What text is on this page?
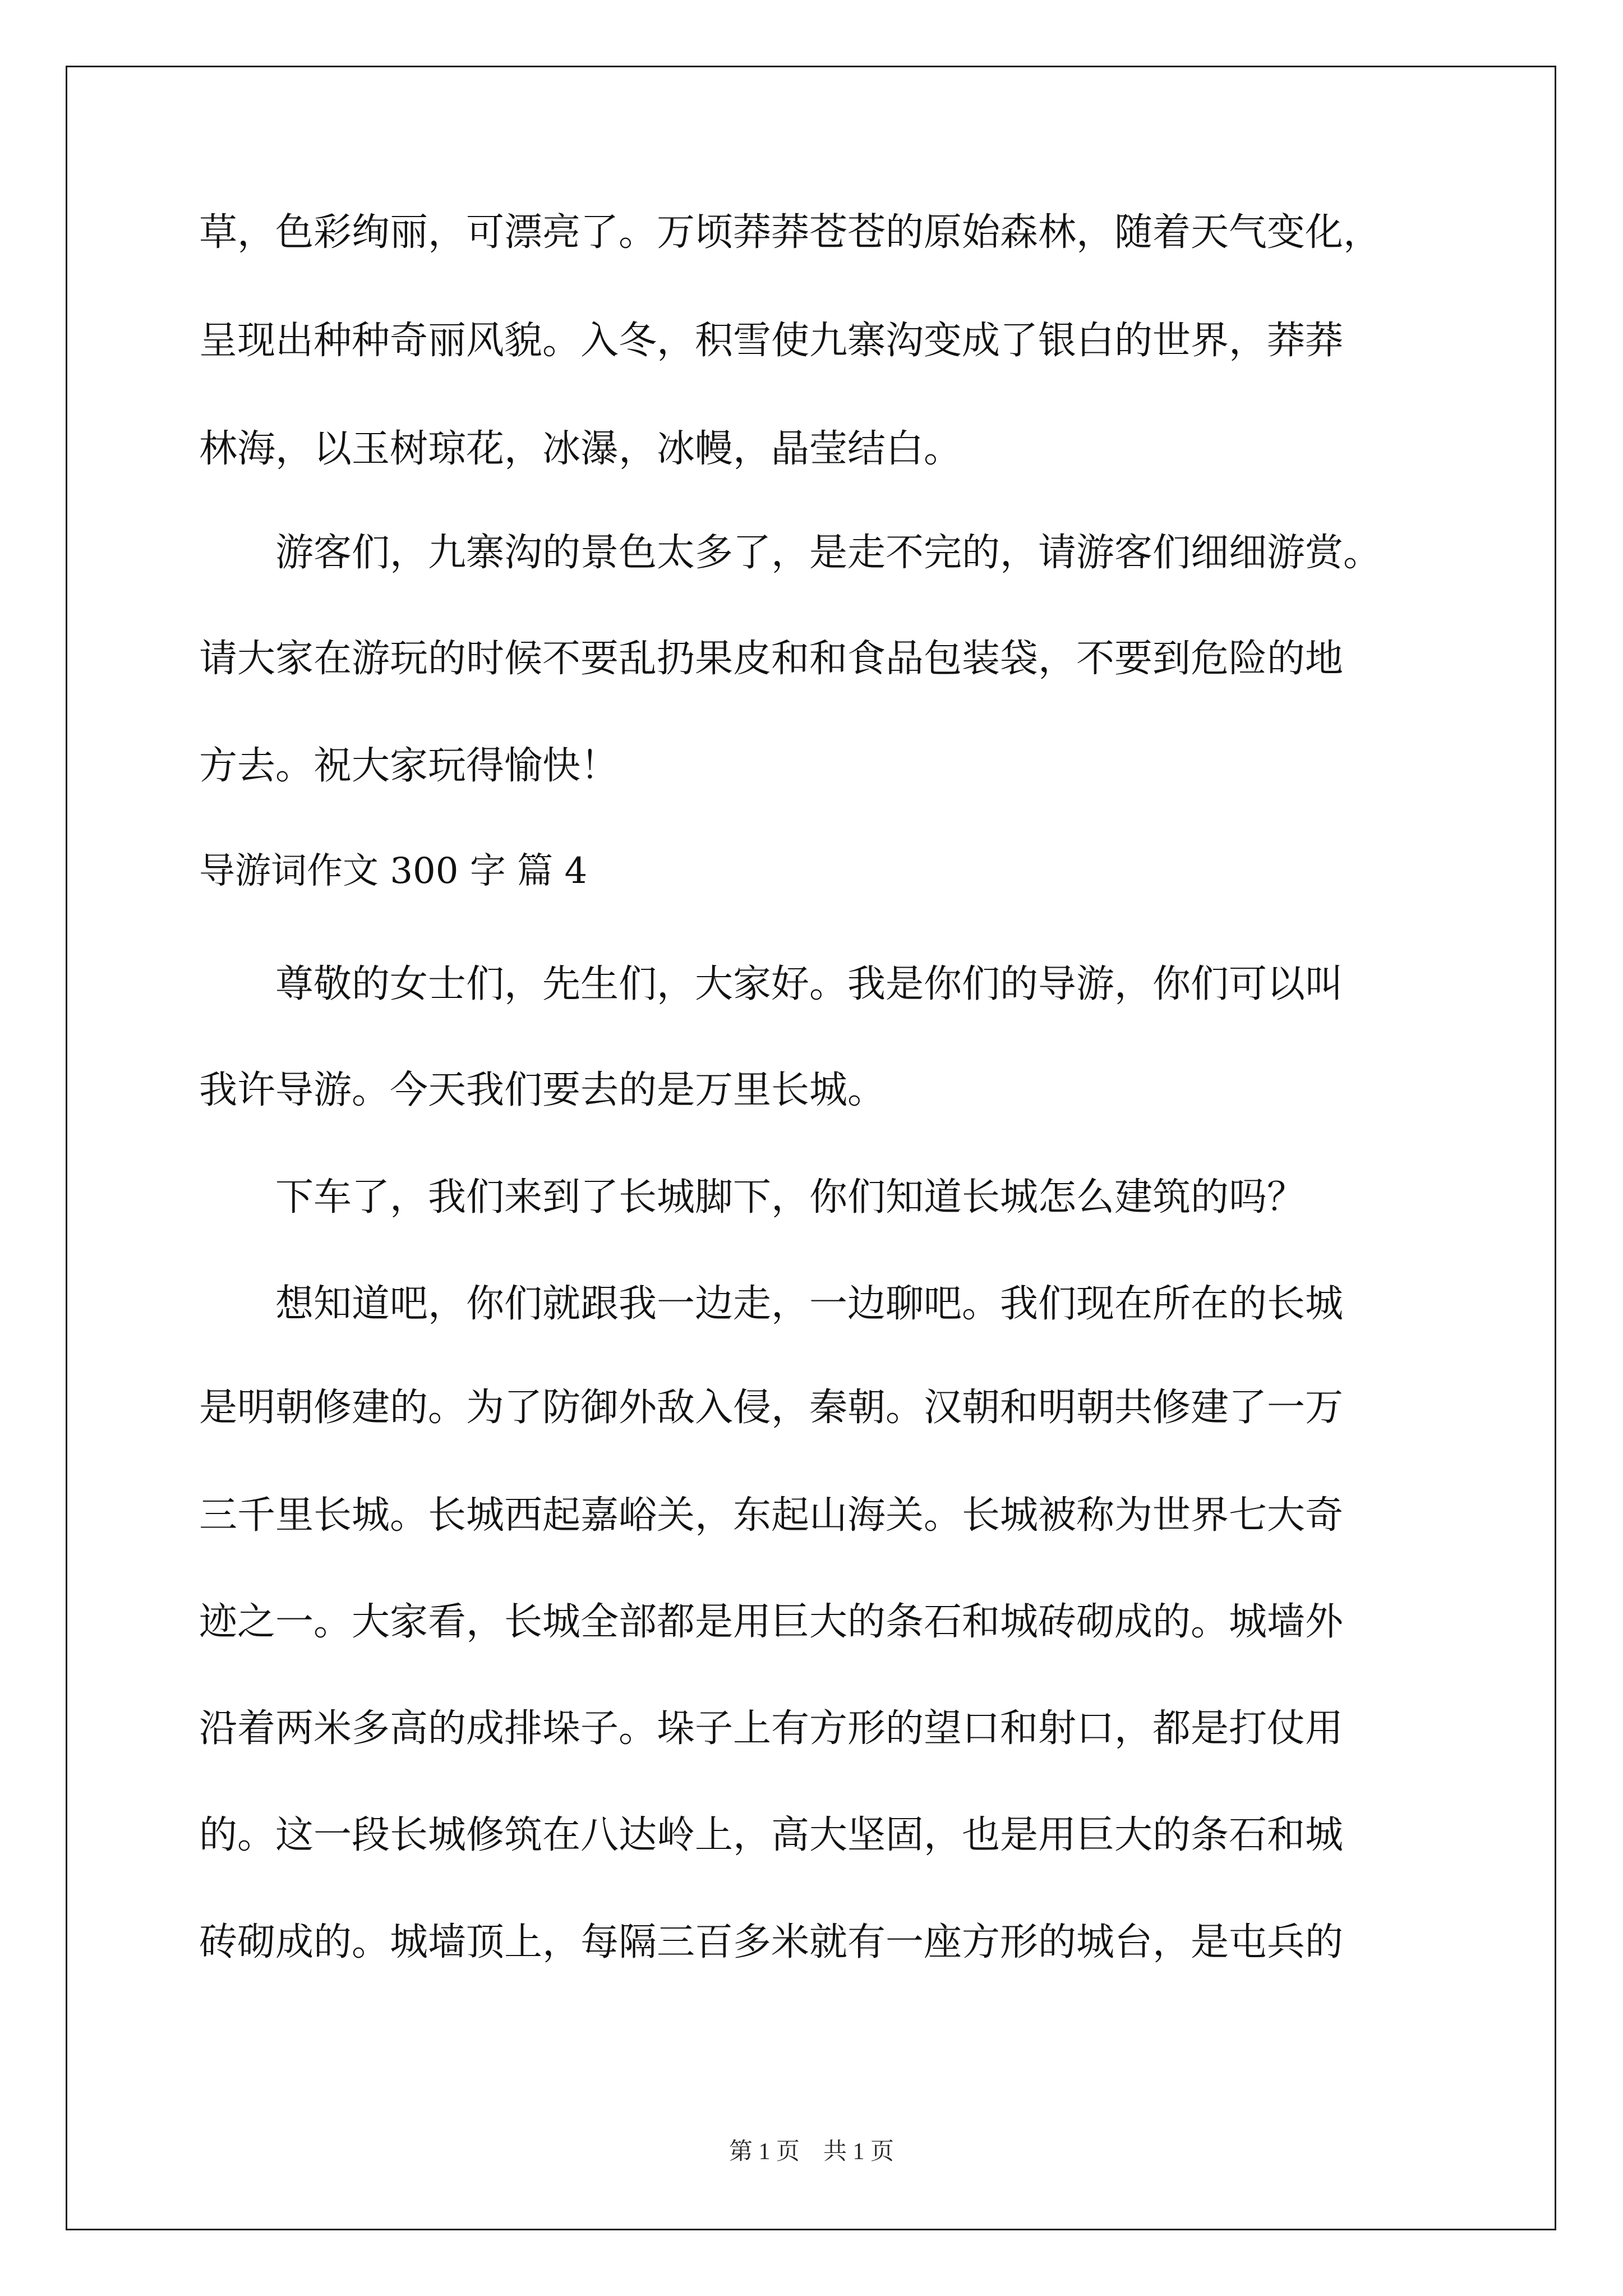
草，色彩绚丽，可漂亮了。万顷莽莽苍苍的原始森林，随着天气变化，
呈现出种种奇丽风貌。入冬，积雪使九寨沟变成了银白的世界，莽莽
林海，以玉树琼花，冰瀑，冰幔，晶莹结白。
游客们，九寨沟的景色太多了，是走不完的，请游客们细细游赏。
请大家在游玩的时候不要乱扔果皮和和食品包装袋，不要到危险的地
方去。祝大家玩得愉快！
导游词作文 300 字 篇 4
尊敬的女士们，先生们，大家好。我是你们的导游，你们可以叫
我许导游。今天我们要去的是万里长城。
下车了，我们来到了长城脚下，你们知道长城怎么建筑的吗？
想知道吧，你们就跟我一边走，一边聊吧。我们现在所在的长城
是明朝修建的。为了防御外敌入侵，秦朝。汉朝和明朝共修建了一万
三千里长城。长城西起嘉峪关，东起山海关。长城被称为世界七大奇
迹之一。大家看，长城全部都是用巨大的条石和城砖砌成的。城墙外
沿着两米多高的成排垛子。垛子上有方形的望口和射口，都是打仗用
的。这一段长城修筑在八达岭上，高大坚固，也是用巨大的条石和城
砖砌成的。城墙顶上，每隔三百多米就有一座方形的城台，是屯兵的
第 1 页    共 1 页
